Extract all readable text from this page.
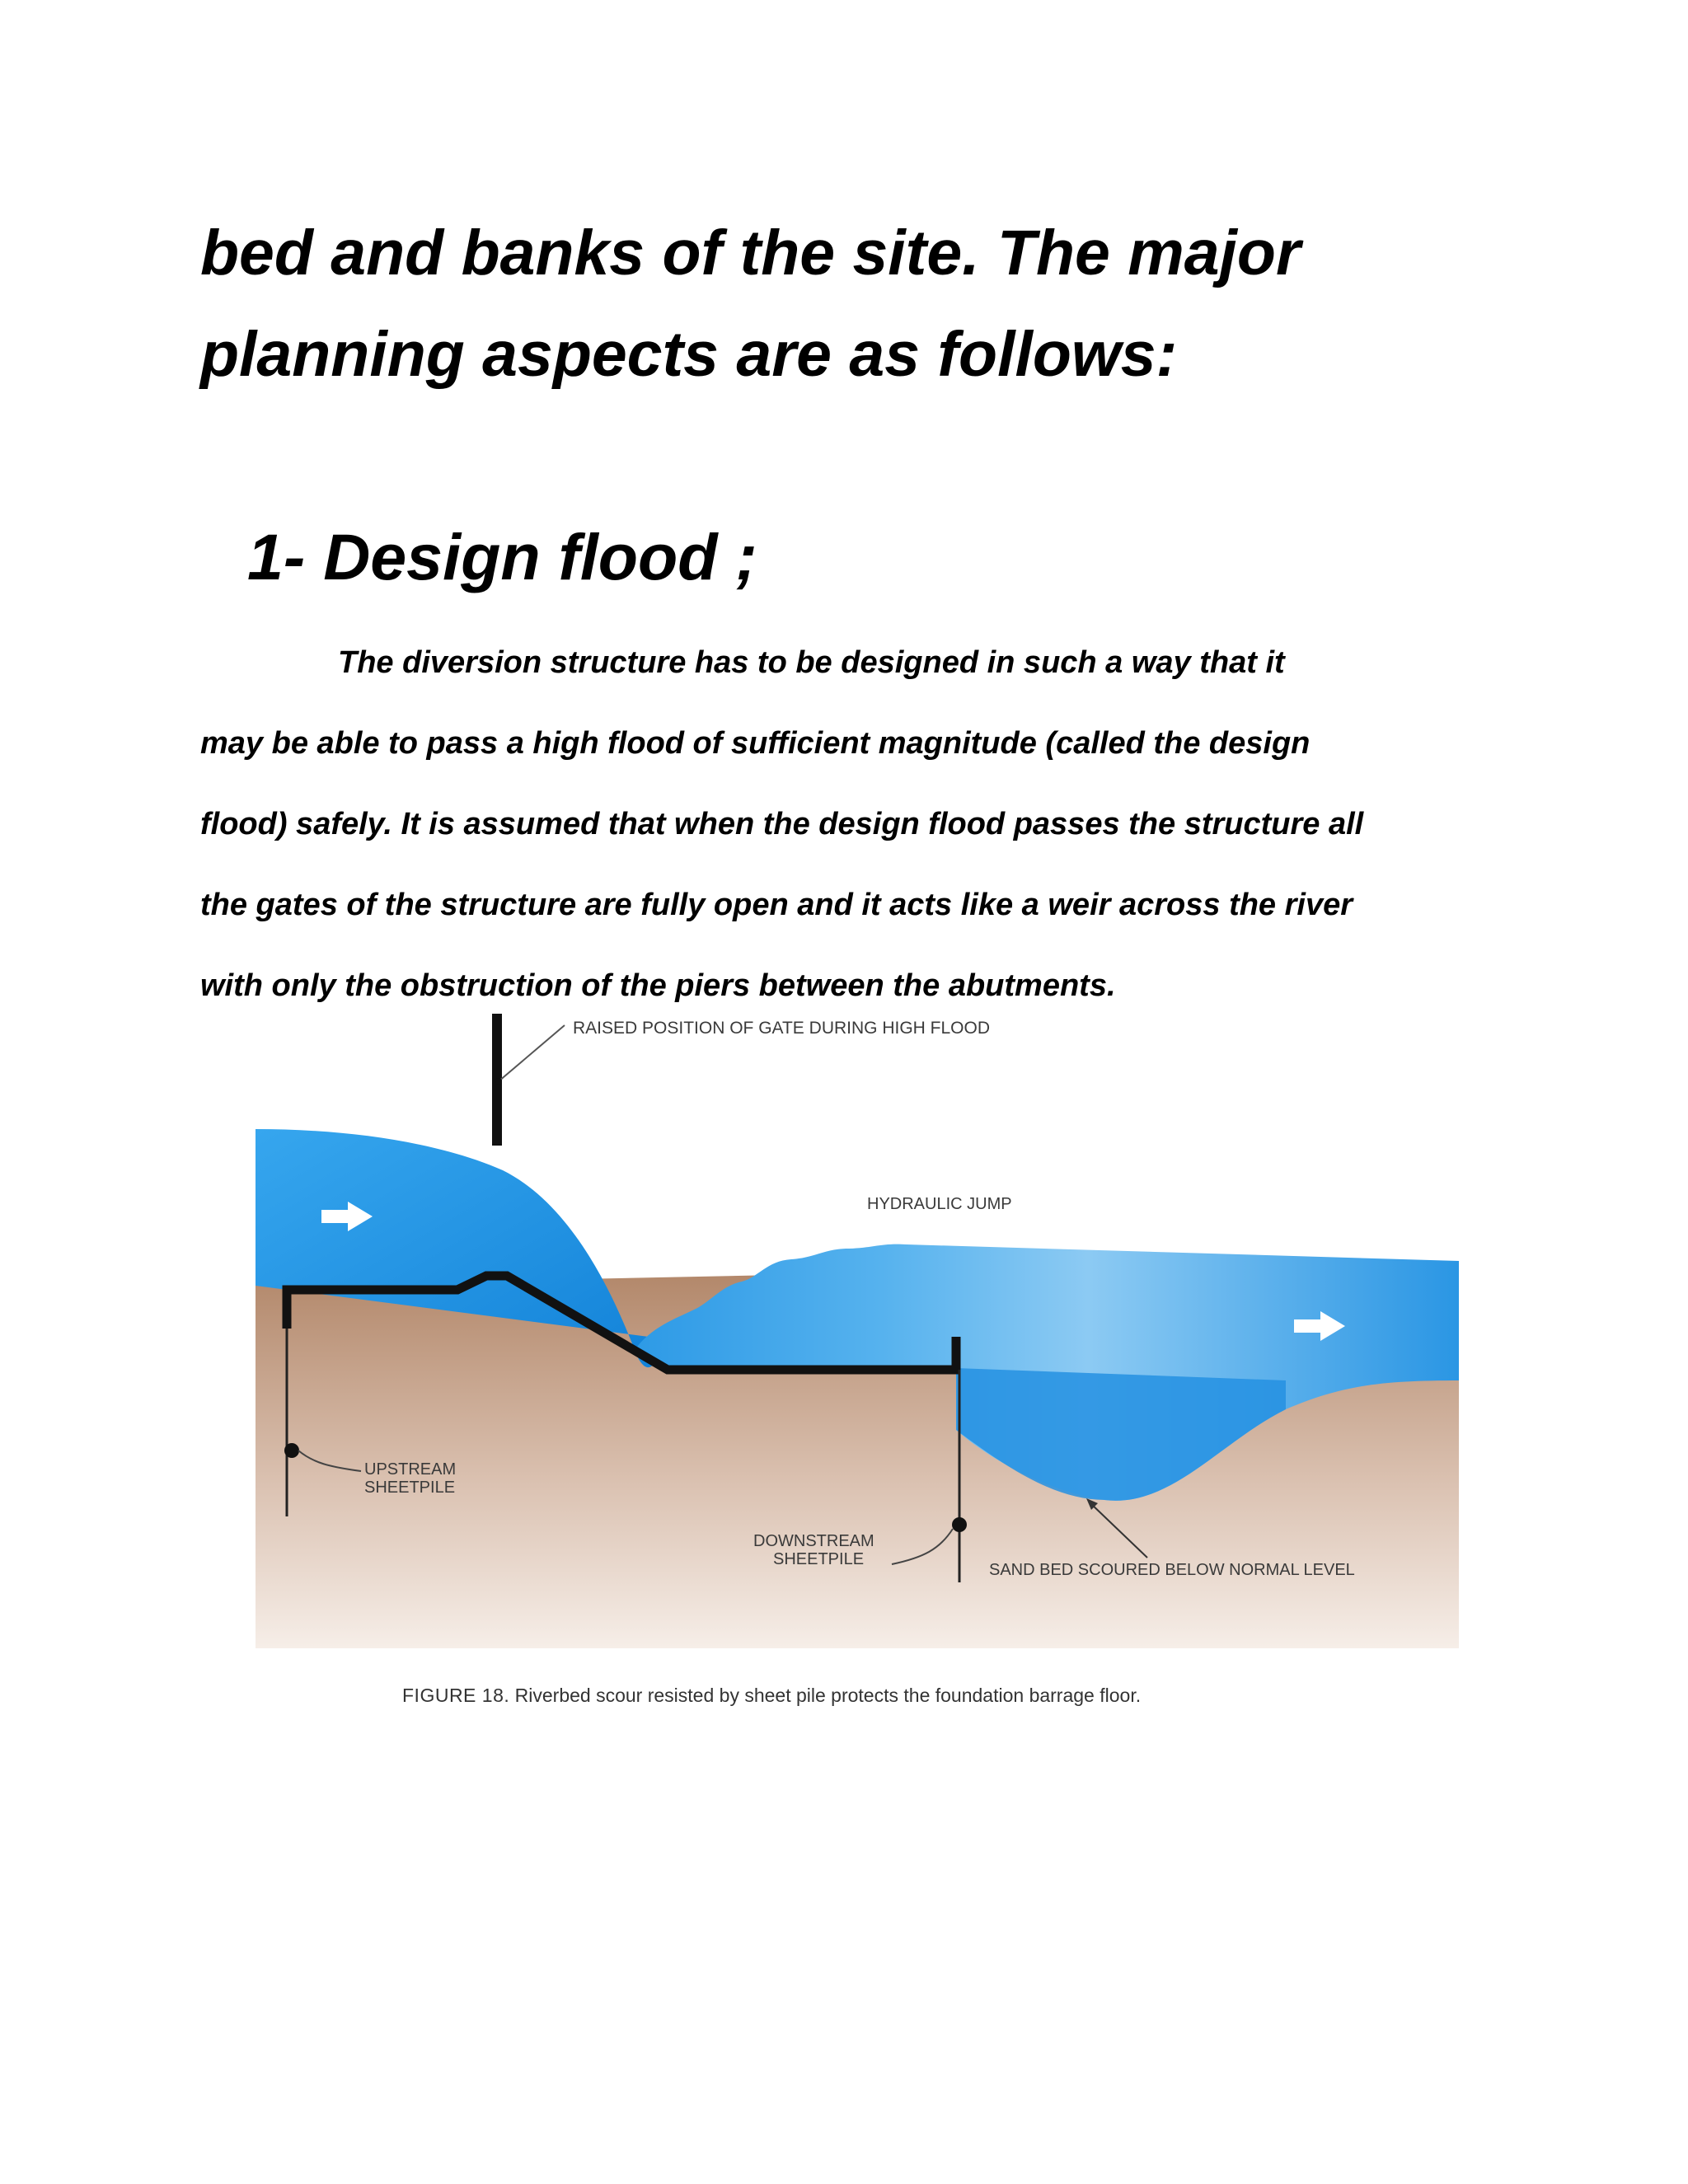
bed and banks of the site. The major
planning aspects are as follows:

1- Design flood ;

The diversion structure has to be designed in such a way that it
may be able to pass a high flood of sufficient magnitude (called the design
flood) safely. It is assumed that when the design flood passes the structure all
the gates of the structure are fully open and it acts like a weir across the river
with only the obstruction of the piers between the abutments.

RAISED POSITION OF GATE DURING HIGH FLOOD
HYDRAULIC JUMP
UPSTREAM
SHEETPILE
DOWNSTREAM
SHEETPILE
SAND BED SCOURED BELOW NORMAL LEVEL
FIGURE 18. Riverbed scour resisted by sheet pile protects the foundation barrage floor.
